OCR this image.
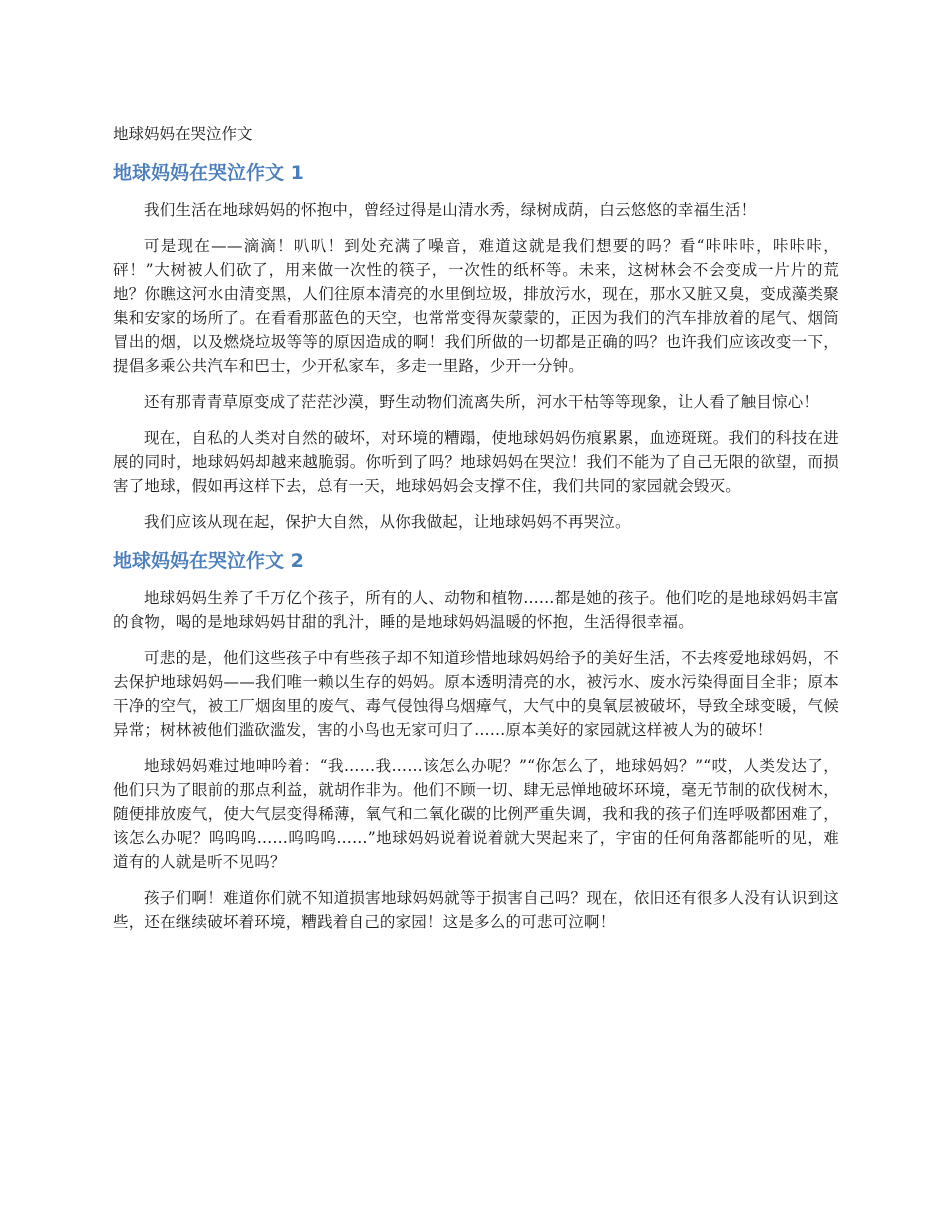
地球妈妈在哭泣作文
地球妈妈在哭泣作文 1

我们生活在地球妈妈的怀抱中，曾经过得是山清水秀，绿树成荫，白云悠悠的幸福生活！

可是现在——滴滴！叭叭！到处充满了噪音，难道这就是我们想要的吗？看“咔咔咔，咔咔咔，砰！”大树被人们砍了，用来做一次性的筷子，一次性的纸杯等。未来，这树林会不会变成一片片的荒地？你瞧这河水由清变黑，人们往原本清亮的水里倒垃圾，排放污水，现在，那水又脏又臭，变成藻类聚集和安家的场所了。在看看那蓝色的天空，也常常变得灰蒙蒙的，正因为我们的汽车排放着的尾气、烟筒冒出的烟，以及燃烧垃圾等等的原因造成的啊！我们所做的一切都是正确的吗？也许我们应该改变一下，提倡多乘公共汽车和巴士，少开私家车，多走一里路，少开一分钟。

还有那青青草原变成了茫茫沙漠，野生动物们流离失所，河水干枯等等现象，让人看了触目惊心！

现在，自私的人类对自然的破坏，对环境的糟蹋，使地球妈妈伤痕累累，血迹斑斑。我们的科技在进展的同时，地球妈妈却越来越脆弱。你听到了吗？地球妈妈在哭泣！我们不能为了自己无限的欲望，而损害了地球，假如再这样下去，总有一天，地球妈妈会支撑不住，我们共同的家园就会毁灭。

我们应该从现在起，保护大自然，从你我做起，让地球妈妈不再哭泣。

地球妈妈在哭泣作文 2

地球妈妈生养了千万亿个孩子，所有的人、动物和植物……都是她的孩子。他们吃的是地球妈妈丰富的食物，喝的是地球妈妈甘甜的乳汁，睡的是地球妈妈温暖的怀抱，生活得很幸福。

可悲的是，他们这些孩子中有些孩子却不知道珍惜地球妈妈给予的美好生活，不去疼爱地球妈妈，不去保护地球妈妈——我们唯一赖以生存的妈妈。原本透明清亮的水，被污水、废水污染得面目全非；原本干净的空气，被工厂烟囱里的废气、毒气侵蚀得乌烟瘴气，大气中的臭氧层被破坏，导致全球变暖，气候异常；树林被他们滥砍滥发，害的小鸟也无家可归了……原本美好的家园就这样被人为的破坏！

地球妈妈难过地呻吟着：“我……我……该怎么办呢？”“你怎么了，地球妈妈？”“哎，人类发达了，他们只为了眼前的那点利益，就胡作非为。他们不顾一切、肆无忌惮地破坏环境，毫无节制的砍伐树木，随便排放废气，使大气层变得稀薄，氧气和二氧化碳的比例严重失调，我和我的孩子们连呼吸都困难了，该怎么办呢？呜呜呜……呜呜呜……”地球妈妈说着说着就大哭起来了，宇宙的任何角落都能听的见，难道有的人就是听不见吗？

孩子们啊！难道你们就不知道损害地球妈妈就等于损害自己吗？现在，依旧还有很多人没有认识到这些，还在继续破坏着环境，糟践着自己的家园！这是多么的可悲可泣啊！
